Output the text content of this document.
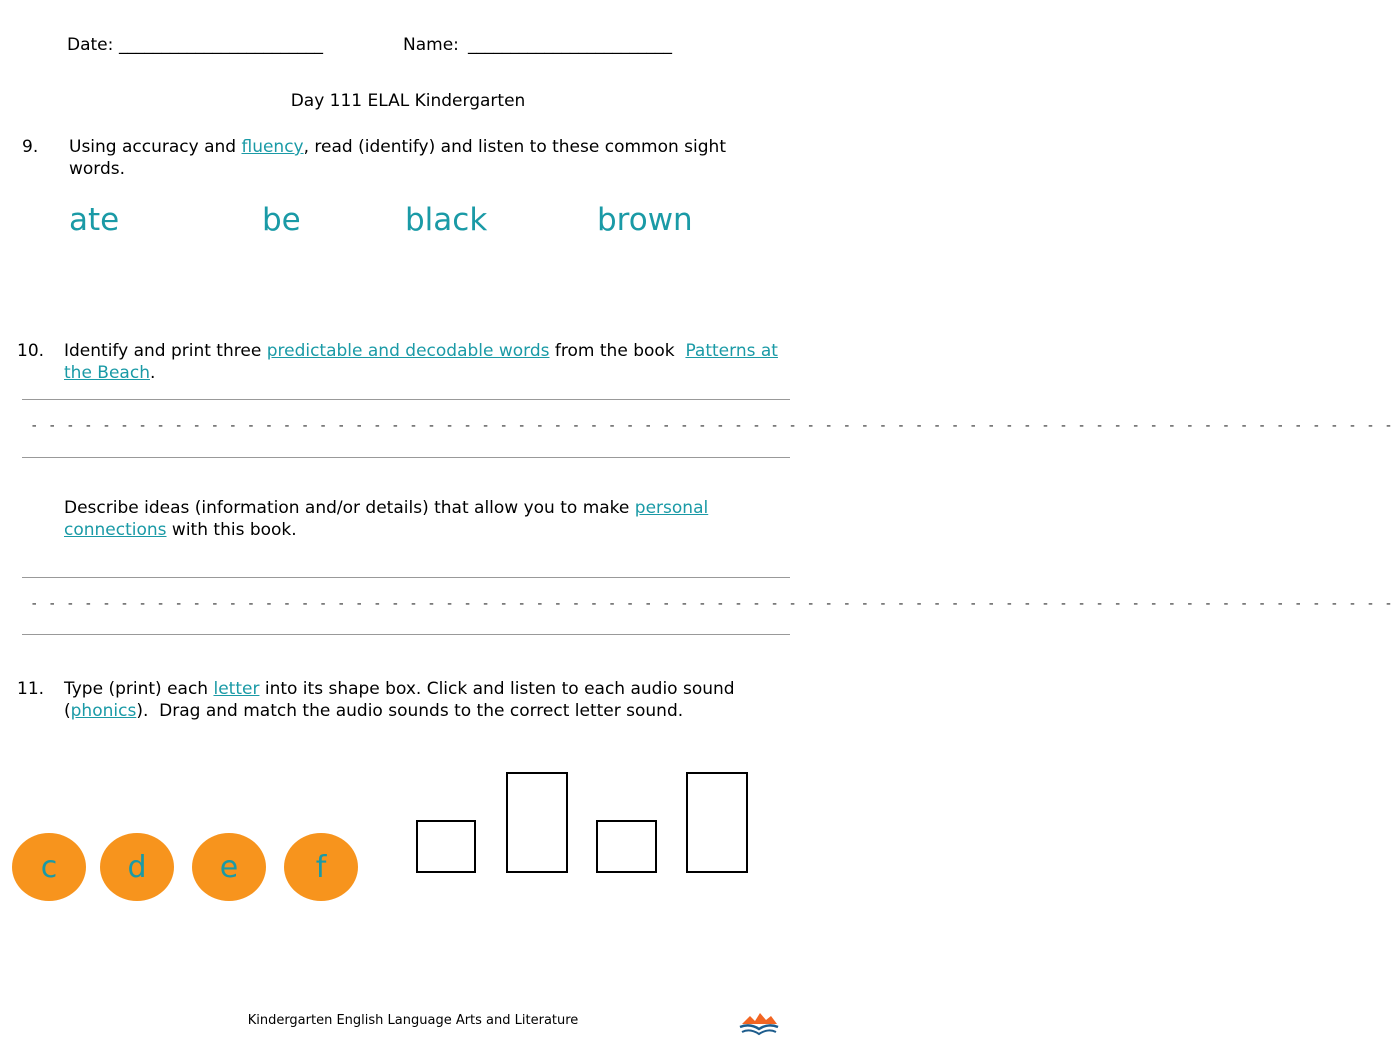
Date: ________________________	Name: ________________________
Day 111 ELAL Kindergarten
9. Using accuracy and fluency, read (identify) and listen to these common sight words.
ate	be	black	brown
10. Identify and print three predictable and decodable words from the book  Patterns at the Beach.
- - - - - - - - - - - - - - - - - - - - - - - - - - - - - - - - - - - - - - - - - - - - - - - - - - - - - - - - - - - - - - - - - - - - - - - - - - - -
Describe ideas (information and/or details) that allow you to make personal connections with this book.
- - - - - - - - - - - - - - - - - - - - - - - - - - - - - - - - - - - - - - - - - - - - - - - - - - - - - - - - - - - - - - - - - - - - - - - - - - - -
11. Type (print) each letter into its shape box. Click and listen to each audio sound (phonics).  Drag and match the audio sounds to the correct letter sound.
c	d	e	f
Kindergarten English Language Arts and Literature
